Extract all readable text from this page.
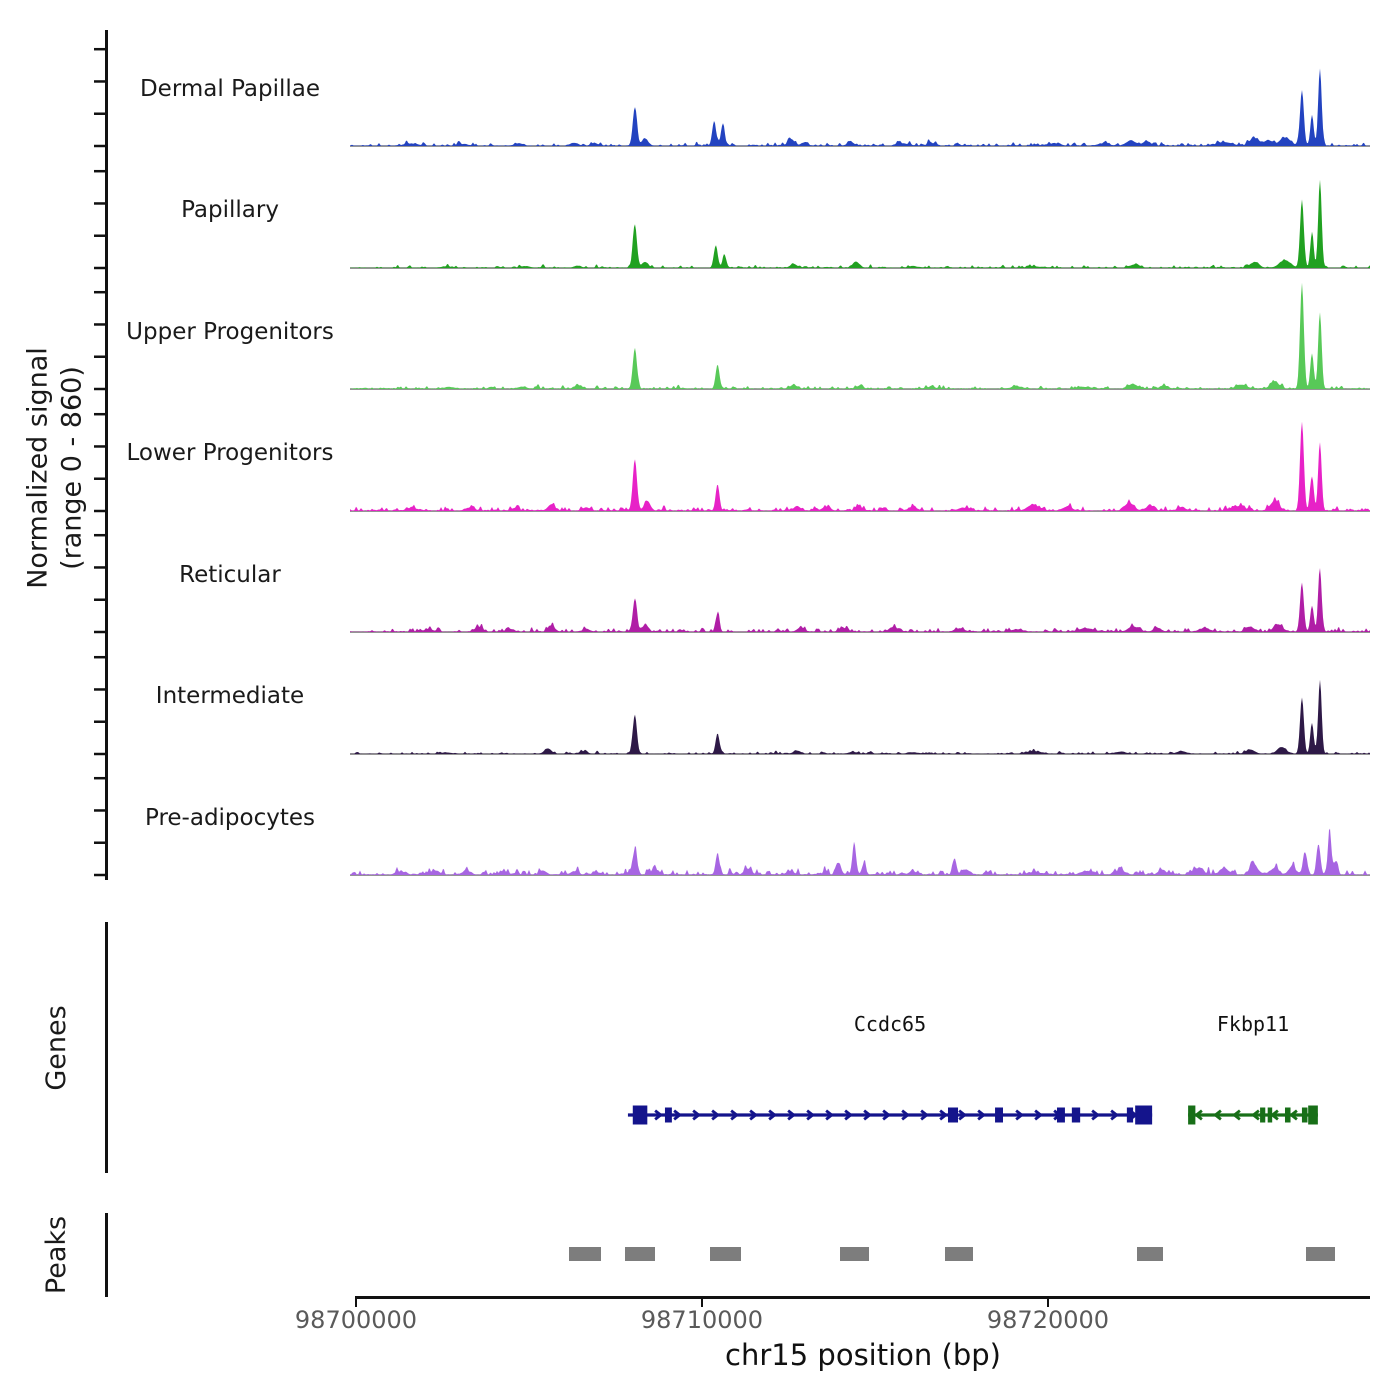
Normalized signal (range 0 - 860)
Dermal Papillae
Papillary
Upper Progenitors
Lower Progenitors
Reticular
Intermediate
Pre-adipocytes
Genes	Ccdc65	Fkbp11
Peaks
98700000	98710000	98720000
chr15 position (bp)
